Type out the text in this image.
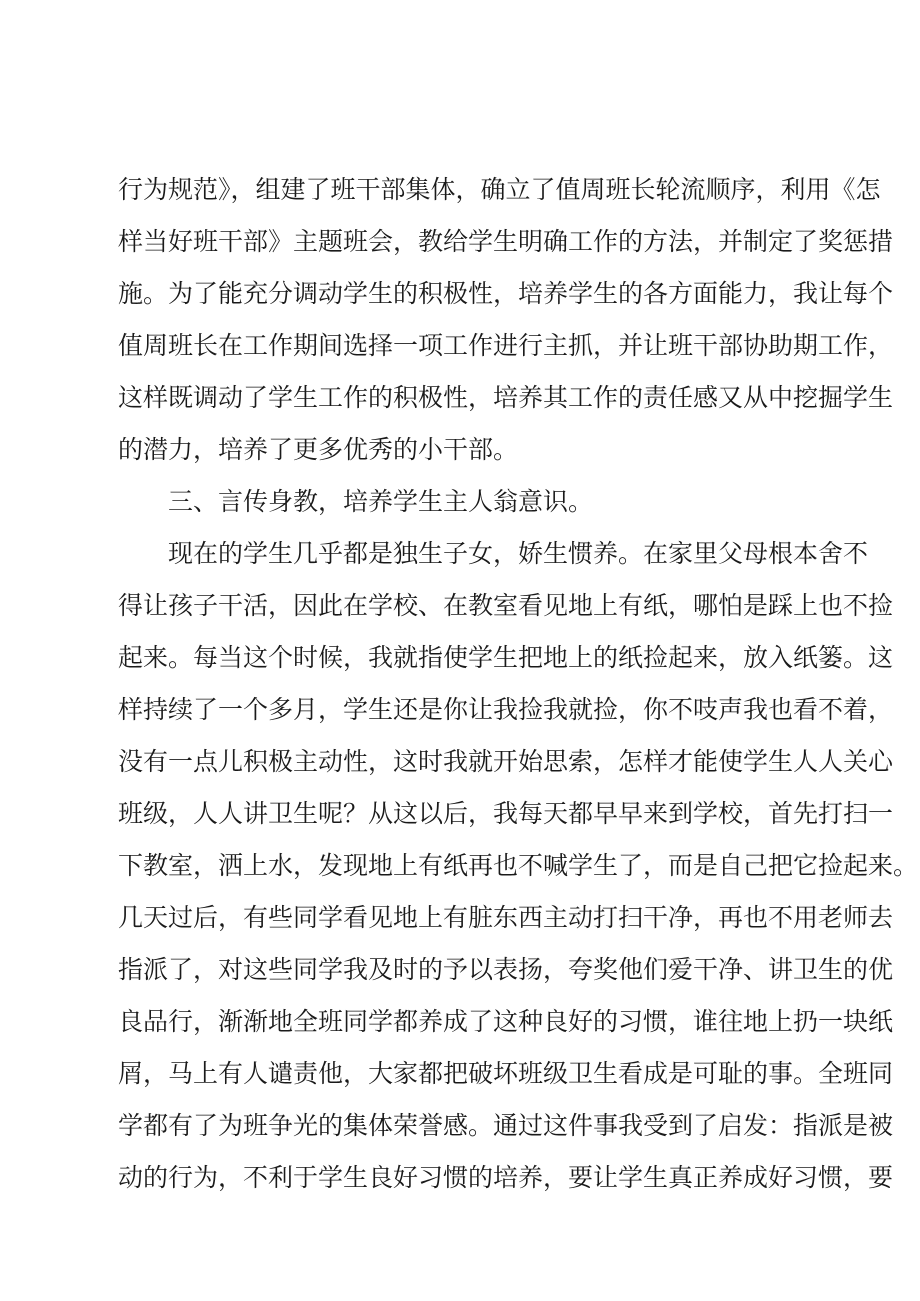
行为规范》，组建了班干部集体，确立了值周班长轮流顺序，利用《怎
样当好班干部》主题班会，教给学生明确工作的方法，并制定了奖惩措
施。为了能充分调动学生的积极性，培养学生的各方面能力，我让每个
值周班长在工作期间选择一项工作进行主抓，并让班干部协助期工作，
这样既调动了学生工作的积极性，培养其工作的责任感又从中挖掘学生
的潜力，培养了更多优秀的小干部。
三、言传身教，培养学生主人翁意识。
现在的学生几乎都是独生子女，娇生惯养。在家里父母根本舍不
得让孩子干活，因此在学校、在教室看见地上有纸，哪怕是踩上也不捡
起来。每当这个时候，我就指使学生把地上的纸捡起来，放入纸篓。这
样持续了一个多月，学生还是你让我捡我就捡，你不吱声我也看不着，
没有一点儿积极主动性，这时我就开始思索，怎样才能使学生人人关心
班级，人人讲卫生呢？从这以后，我每天都早早来到学校，首先打扫一
下教室，洒上水，发现地上有纸再也不喊学生了，而是自己把它捡起来。
几天过后，有些同学看见地上有脏东西主动打扫干净，再也不用老师去
指派了，对这些同学我及时的予以表扬，夸奖他们爱干净、讲卫生的优
良品行，渐渐地全班同学都养成了这种良好的习惯，谁往地上扔一块纸
屑，马上有人谴责他，大家都把破坏班级卫生看成是可耻的事。全班同
学都有了为班争光的集体荣誉感。通过这件事我受到了启发：指派是被
动的行为，不利于学生良好习惯的培养，要让学生真正养成好习惯，要
